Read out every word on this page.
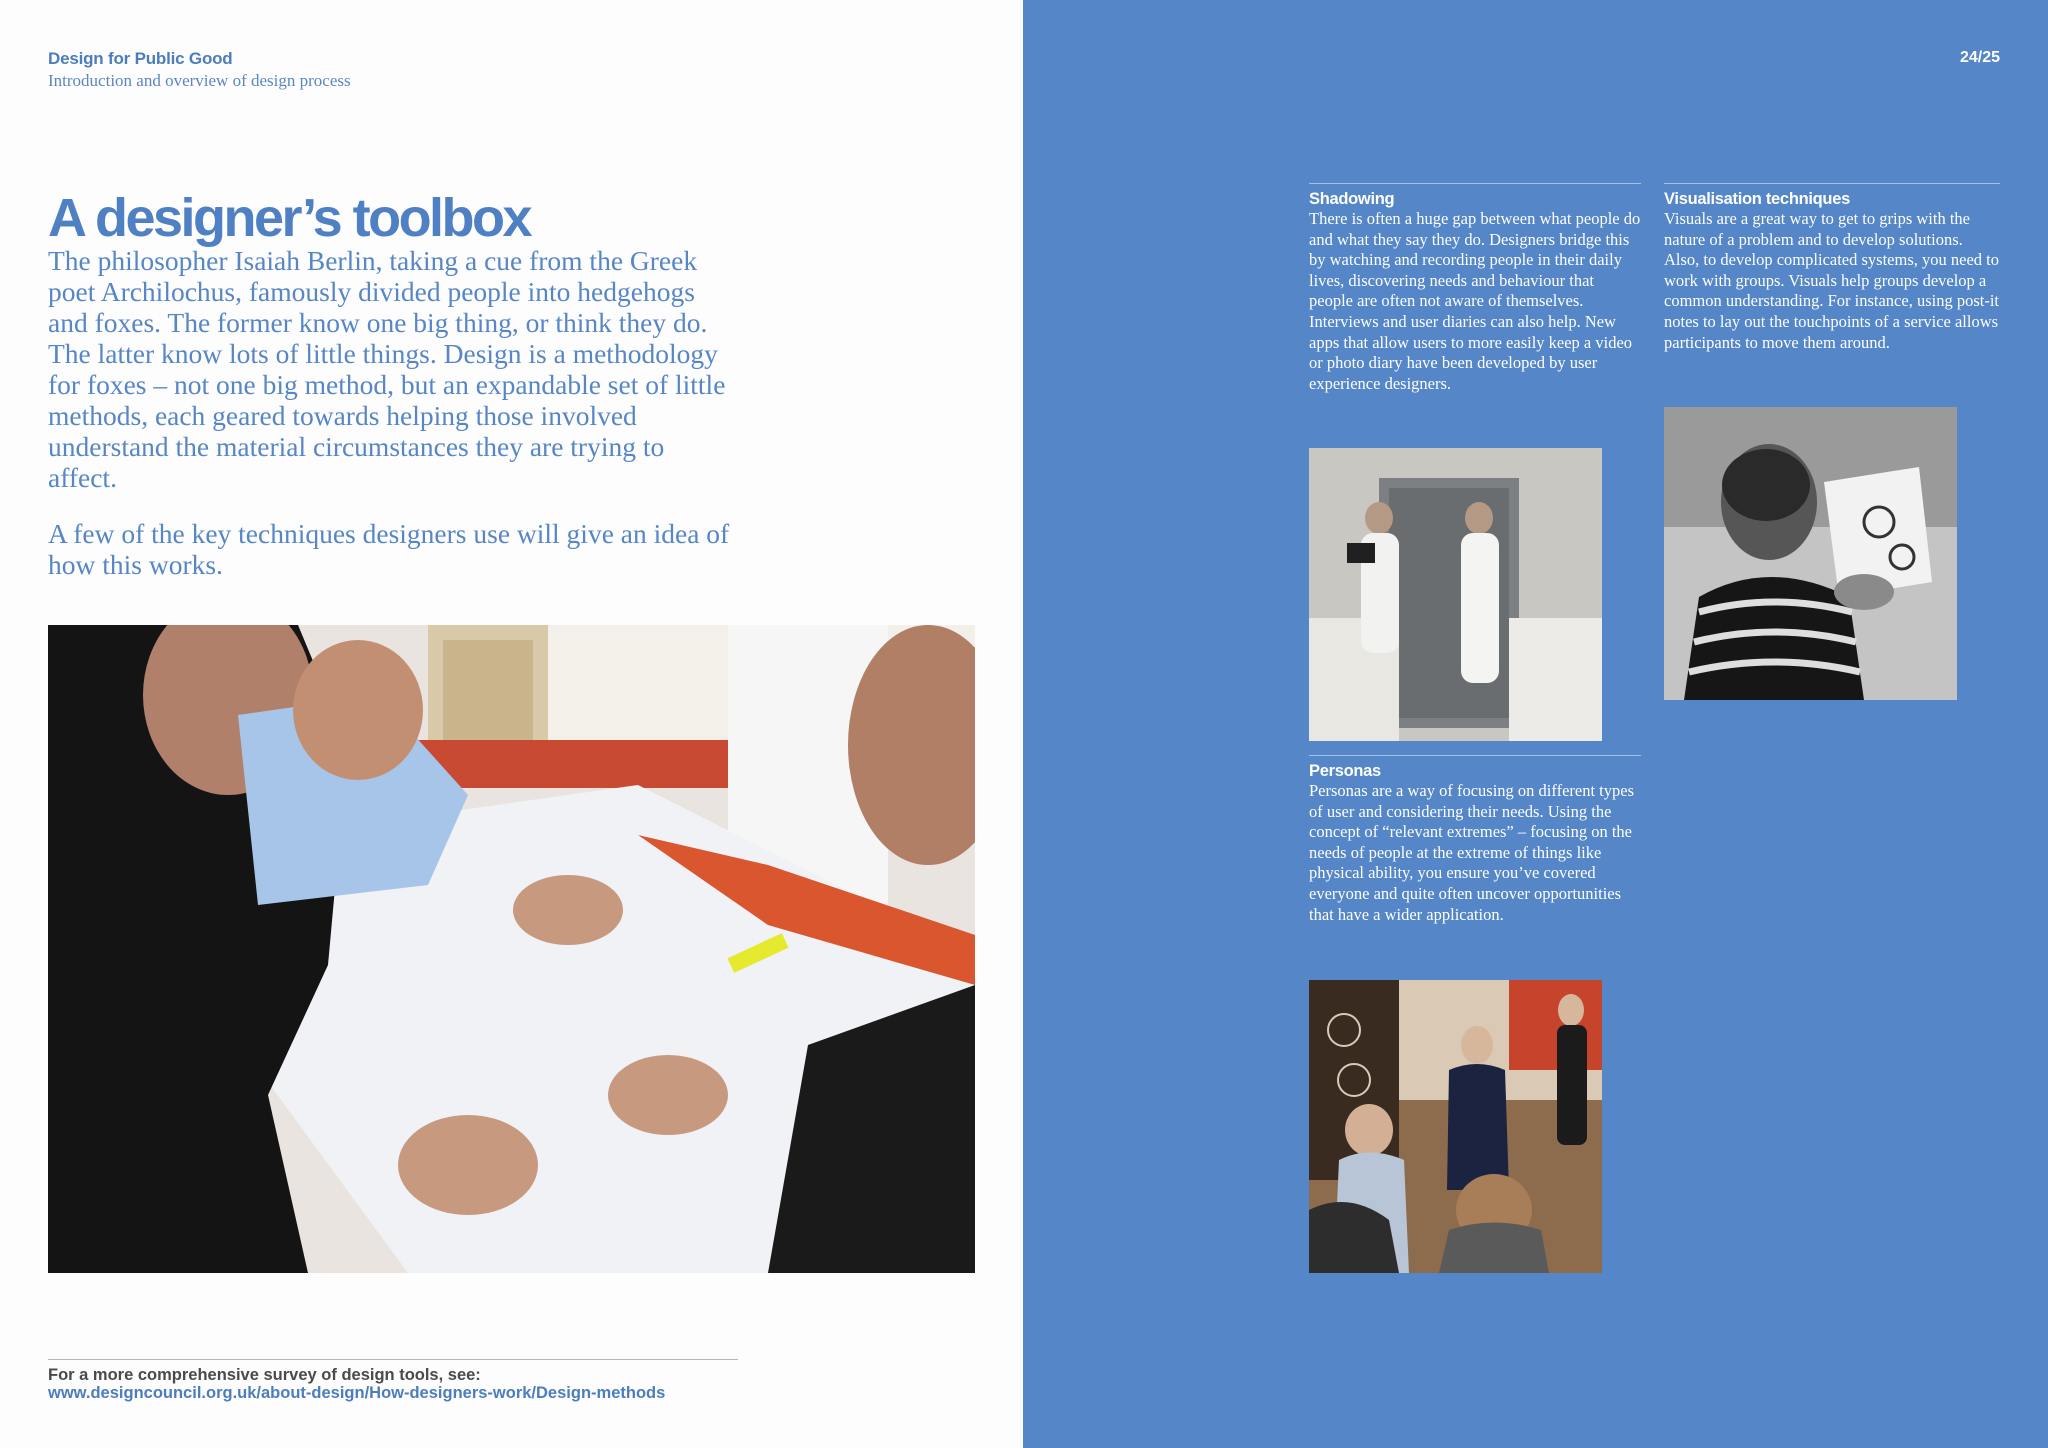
Design for Public Good
Introduction and overview of design process
A designer’s toolbox

The philosopher Isaiah Berlin, taking a cue from the Greek poet Archilochus, famously divided people into hedgehogs and foxes. The former know one big thing, or think they do. The latter know lots of little things. Design is a methodology for foxes – not one big method, but an expandable set of little methods, each geared towards helping those involved understand the material circumstances they are trying to affect.

A few of the key techniques designers use will give an idea of how this works.

For a more comprehensive survey of design tools, see:
www.designcouncil.org.uk/about-design/How-designers-work/Design-methods
24/25
Shadowing

There is often a huge gap between what people do and what they say they do. Designers bridge this by watching and recording people in their daily lives, discovering needs and behaviour that people are often not aware of themselves. Interviews and user diaries can also help. New apps that allow users to more easily keep a video or photo diary have been developed by user experience designers.

Visualisation techniques

Visuals are a great way to get to grips with the nature of a problem and to develop solutions. Also, to develop complicated systems, you need to work with groups. Visuals help groups develop a common understanding. For instance, using post-it notes to lay out the touchpoints of a service allows participants to move them around.

Personas

Personas are a way of focusing on different types of user and considering their needs. Using the concept of “relevant extremes” – focusing on the needs of people at the extreme of things like physical ability, you ensure you’ve covered everyone and quite often uncover opportunities that have a wider application.
